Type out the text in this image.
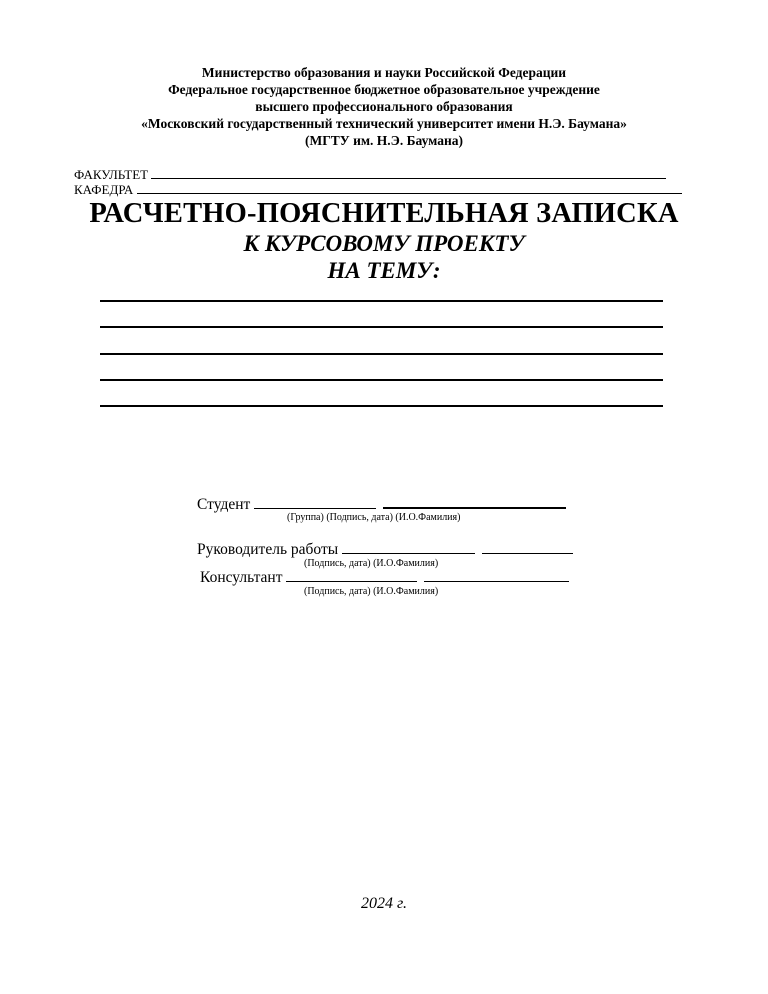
Министерство образования и науки Российской Федерации
Федеральное государственное бюджетное образовательное учреждение
высшего профессионального образования
«Московский государственный технический университет имени Н.Э. Баумана»
(МГТУ им. Н.Э. Баумана)
ФАКУЛЬТЕТ
КАФЕДРА
РАСЧЕТНО-ПОЯСНИТЕЛЬНАЯ ЗАПИСКА
К КУРСОВОМУ ПРОЕКТУ
НА ТЕМУ:
Студент
(Группа) (Подпись, дата) (И.О.Фамилия)
Руководитель работы
(Подпись, дата) (И.О.Фамилия)
Консультант
(Подпись, дата) (И.О.Фамилия)
2024 г.
